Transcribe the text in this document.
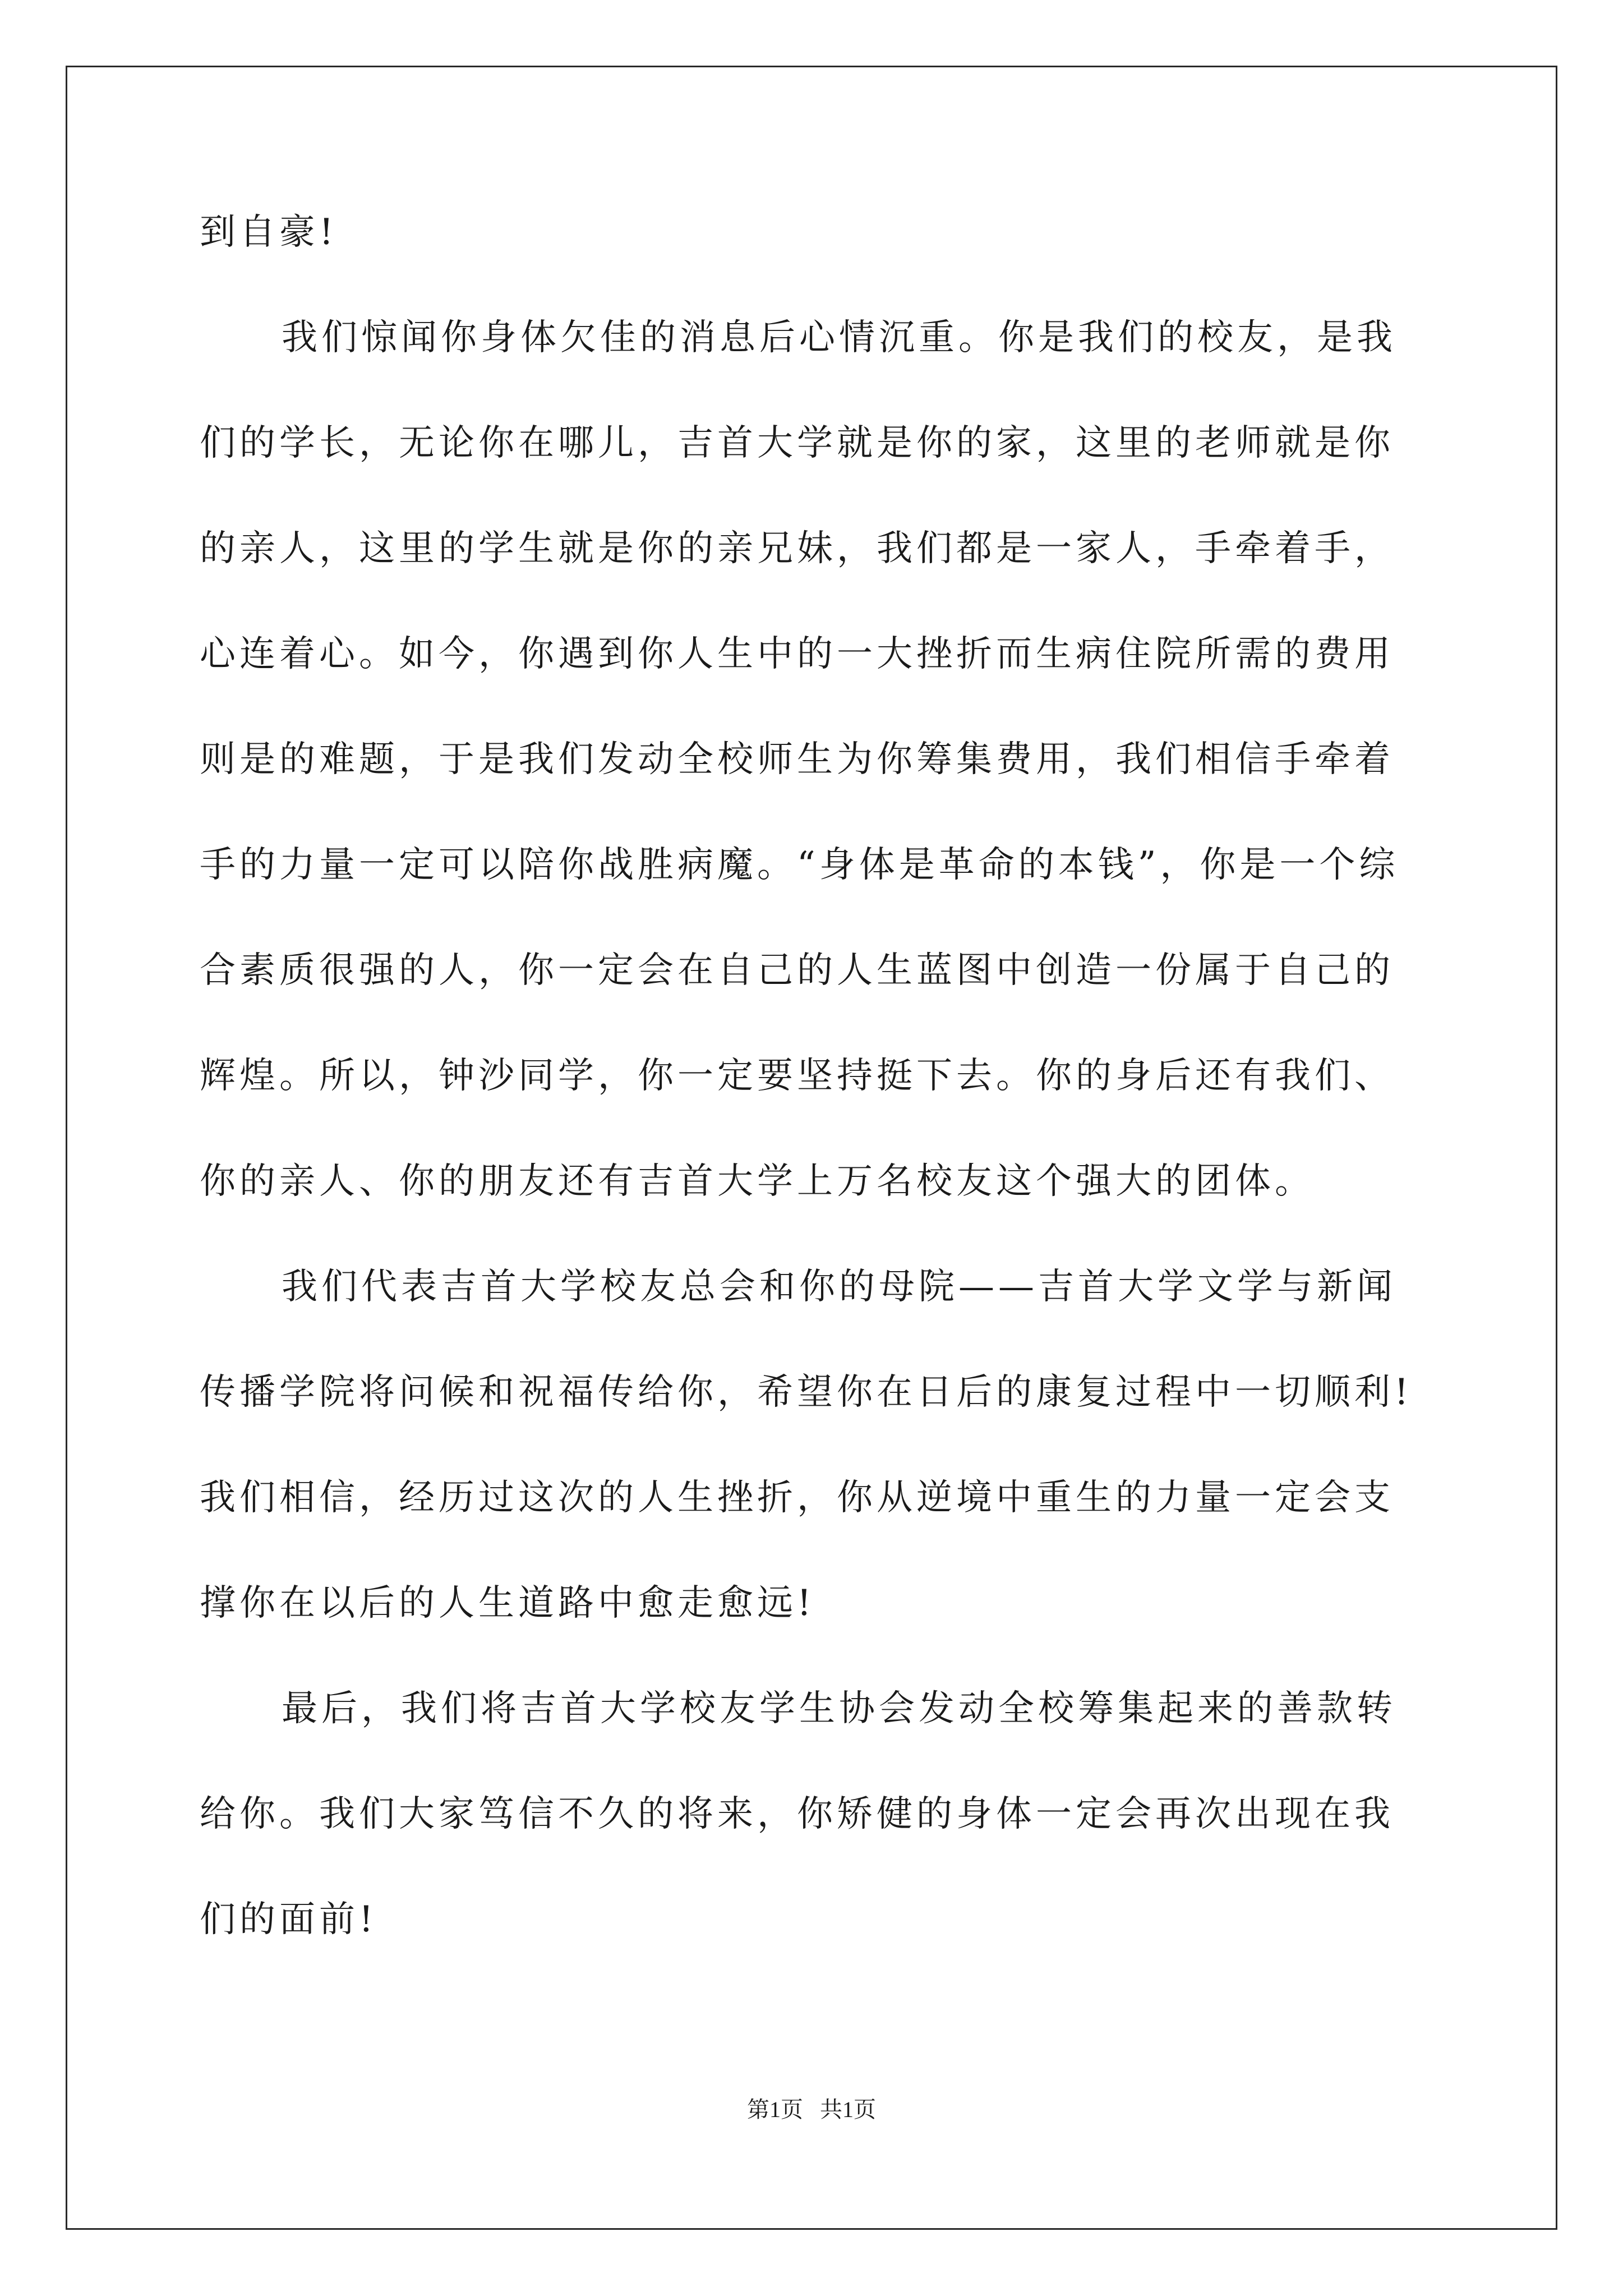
到自豪!
我们惊闻你身体欠佳的消息后心情沉重。你是我们的校友，是我
们的学长，无论你在哪儿，吉首大学就是你的家，这里的老师就是你
的亲人，这里的学生就是你的亲兄妹，我们都是一家人，手牵着手，
心连着心。如今，你遇到你人生中的一大挫折而生病住院所需的费用
则是的难题，于是我们发动全校师生为你筹集费用，我们相信手牵着
手的力量一定可以陪你战胜病魔。“身体是革命的本钱”，你是一个综
合素质很强的人，你一定会在自己的人生蓝图中创造一份属于自己的
辉煌。所以，钟沙同学，你一定要坚持挺下去。你的身后还有我们、
你的亲人、你的朋友还有吉首大学上万名校友这个强大的团体。
我们代表吉首大学校友总会和你的母院——吉首大学文学与新闻
传播学院将问候和祝福传给你，希望你在日后的康复过程中一切顺利!
我们相信，经历过这次的人生挫折，你从逆境中重生的力量一定会支
撑你在以后的人生道路中愈走愈远!
最后，我们将吉首大学校友学生协会发动全校筹集起来的善款转
给你。我们大家笃信不久的将来，你矫健的身体一定会再次出现在我
们的面前!
第1页 共1页
